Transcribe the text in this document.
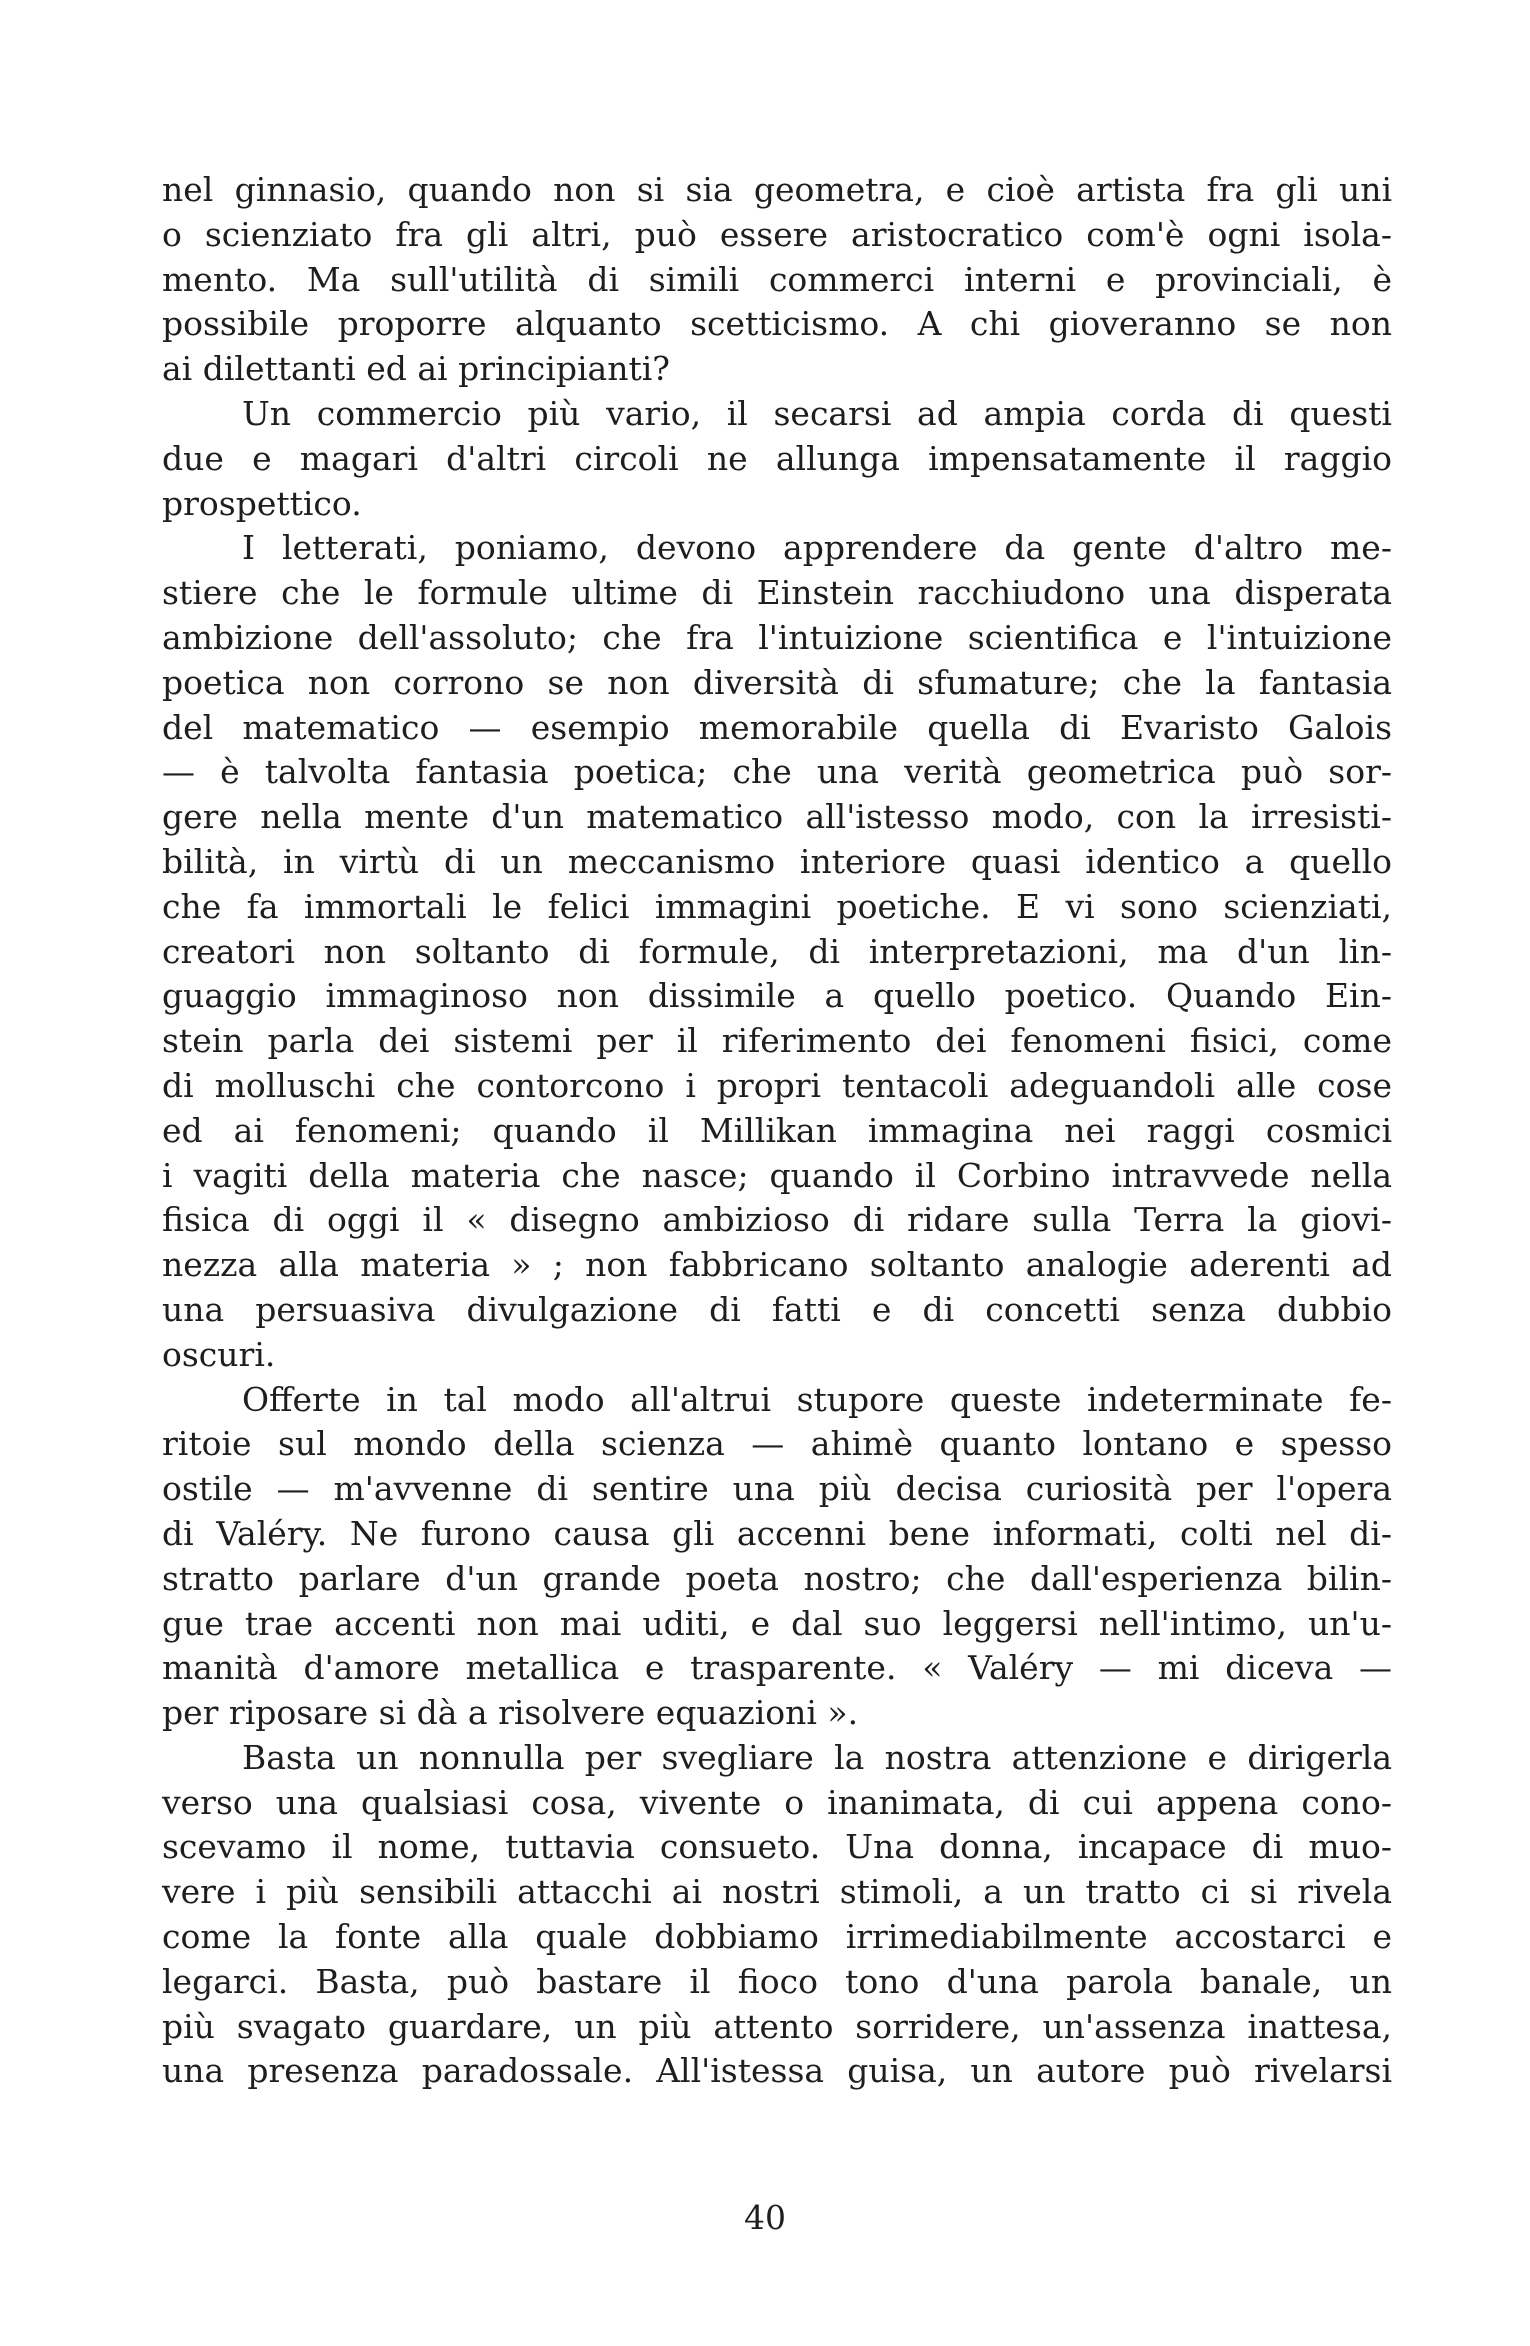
nel ginnasio, quando non si sia geometra, e cioè artista fra gli uni
o scienziato fra gli altri, può essere aristocratico com'è ogni isola-
mento. Ma sull'utilità di simili commerci interni e provinciali, è
possibile proporre alquanto scetticismo. A chi gioveranno se non
ai dilettanti ed ai principianti?
Un commercio più vario, il secarsi ad ampia corda di questi
due e magari d'altri circoli ne allunga impensatamente il raggio
prospettico.
I letterati, poniamo, devono apprendere da gente d'altro me-
stiere che le formule ultime di Einstein racchiudono una disperata
ambizione dell'assoluto; che fra l'intuizione scientifica e l'intuizione
poetica non corrono se non diversità di sfumature; che la fantasia
del matematico — esempio memorabile quella di Evaristo Galois
— è talvolta fantasia poetica; che una verità geometrica può sor-
gere nella mente d'un matematico all'istesso modo, con la irresisti-
bilità, in virtù di un meccanismo interiore quasi identico a quello
che fa immortali le felici immagini poetiche. E vi sono scienziati,
creatori non soltanto di formule, di interpretazioni, ma d'un lin-
guaggio immaginoso non dissimile a quello poetico. Quando Ein-
stein parla dei sistemi per il riferimento dei fenomeni fisici, come
di molluschi che contorcono i propri tentacoli adeguandoli alle cose
ed ai fenomeni; quando il Millikan immagina nei raggi cosmici
i vagiti della materia che nasce; quando il Corbino intravvede nella
fisica di oggi il « disegno ambizioso di ridare sulla Terra la giovi-
nezza alla materia » ; non fabbricano soltanto analogie aderenti ad
una persuasiva divulgazione di fatti e di concetti senza dubbio
oscuri.
Offerte in tal modo all'altrui stupore queste indeterminate fe-
ritoie sul mondo della scienza — ahimè quanto lontano e spesso
ostile — m'avvenne di sentire una più decisa curiosità per l'opera
di Valéry. Ne furono causa gli accenni bene informati, colti nel di-
stratto parlare d'un grande poeta nostro; che dall'esperienza bilin-
gue trae accenti non mai uditi, e dal suo leggersi nell'intimo, un'u-
manità d'amore metallica e trasparente. « Valéry — mi diceva —
per riposare si dà a risolvere equazioni ».
Basta un nonnulla per svegliare la nostra attenzione e dirigerla
verso una qualsiasi cosa, vivente o inanimata, di cui appena cono-
scevamo il nome, tuttavia consueto. Una donna, incapace di muo-
vere i più sensibili attacchi ai nostri stimoli, a un tratto ci si rivela
come la fonte alla quale dobbiamo irrimediabilmente accostarci e
legarci. Basta, può bastare il fioco tono d'una parola banale, un
più svagato guardare, un più attento sorridere, un'assenza inattesa,
una presenza paradossale. All'istessa guisa, un autore può rivelarsi
40
